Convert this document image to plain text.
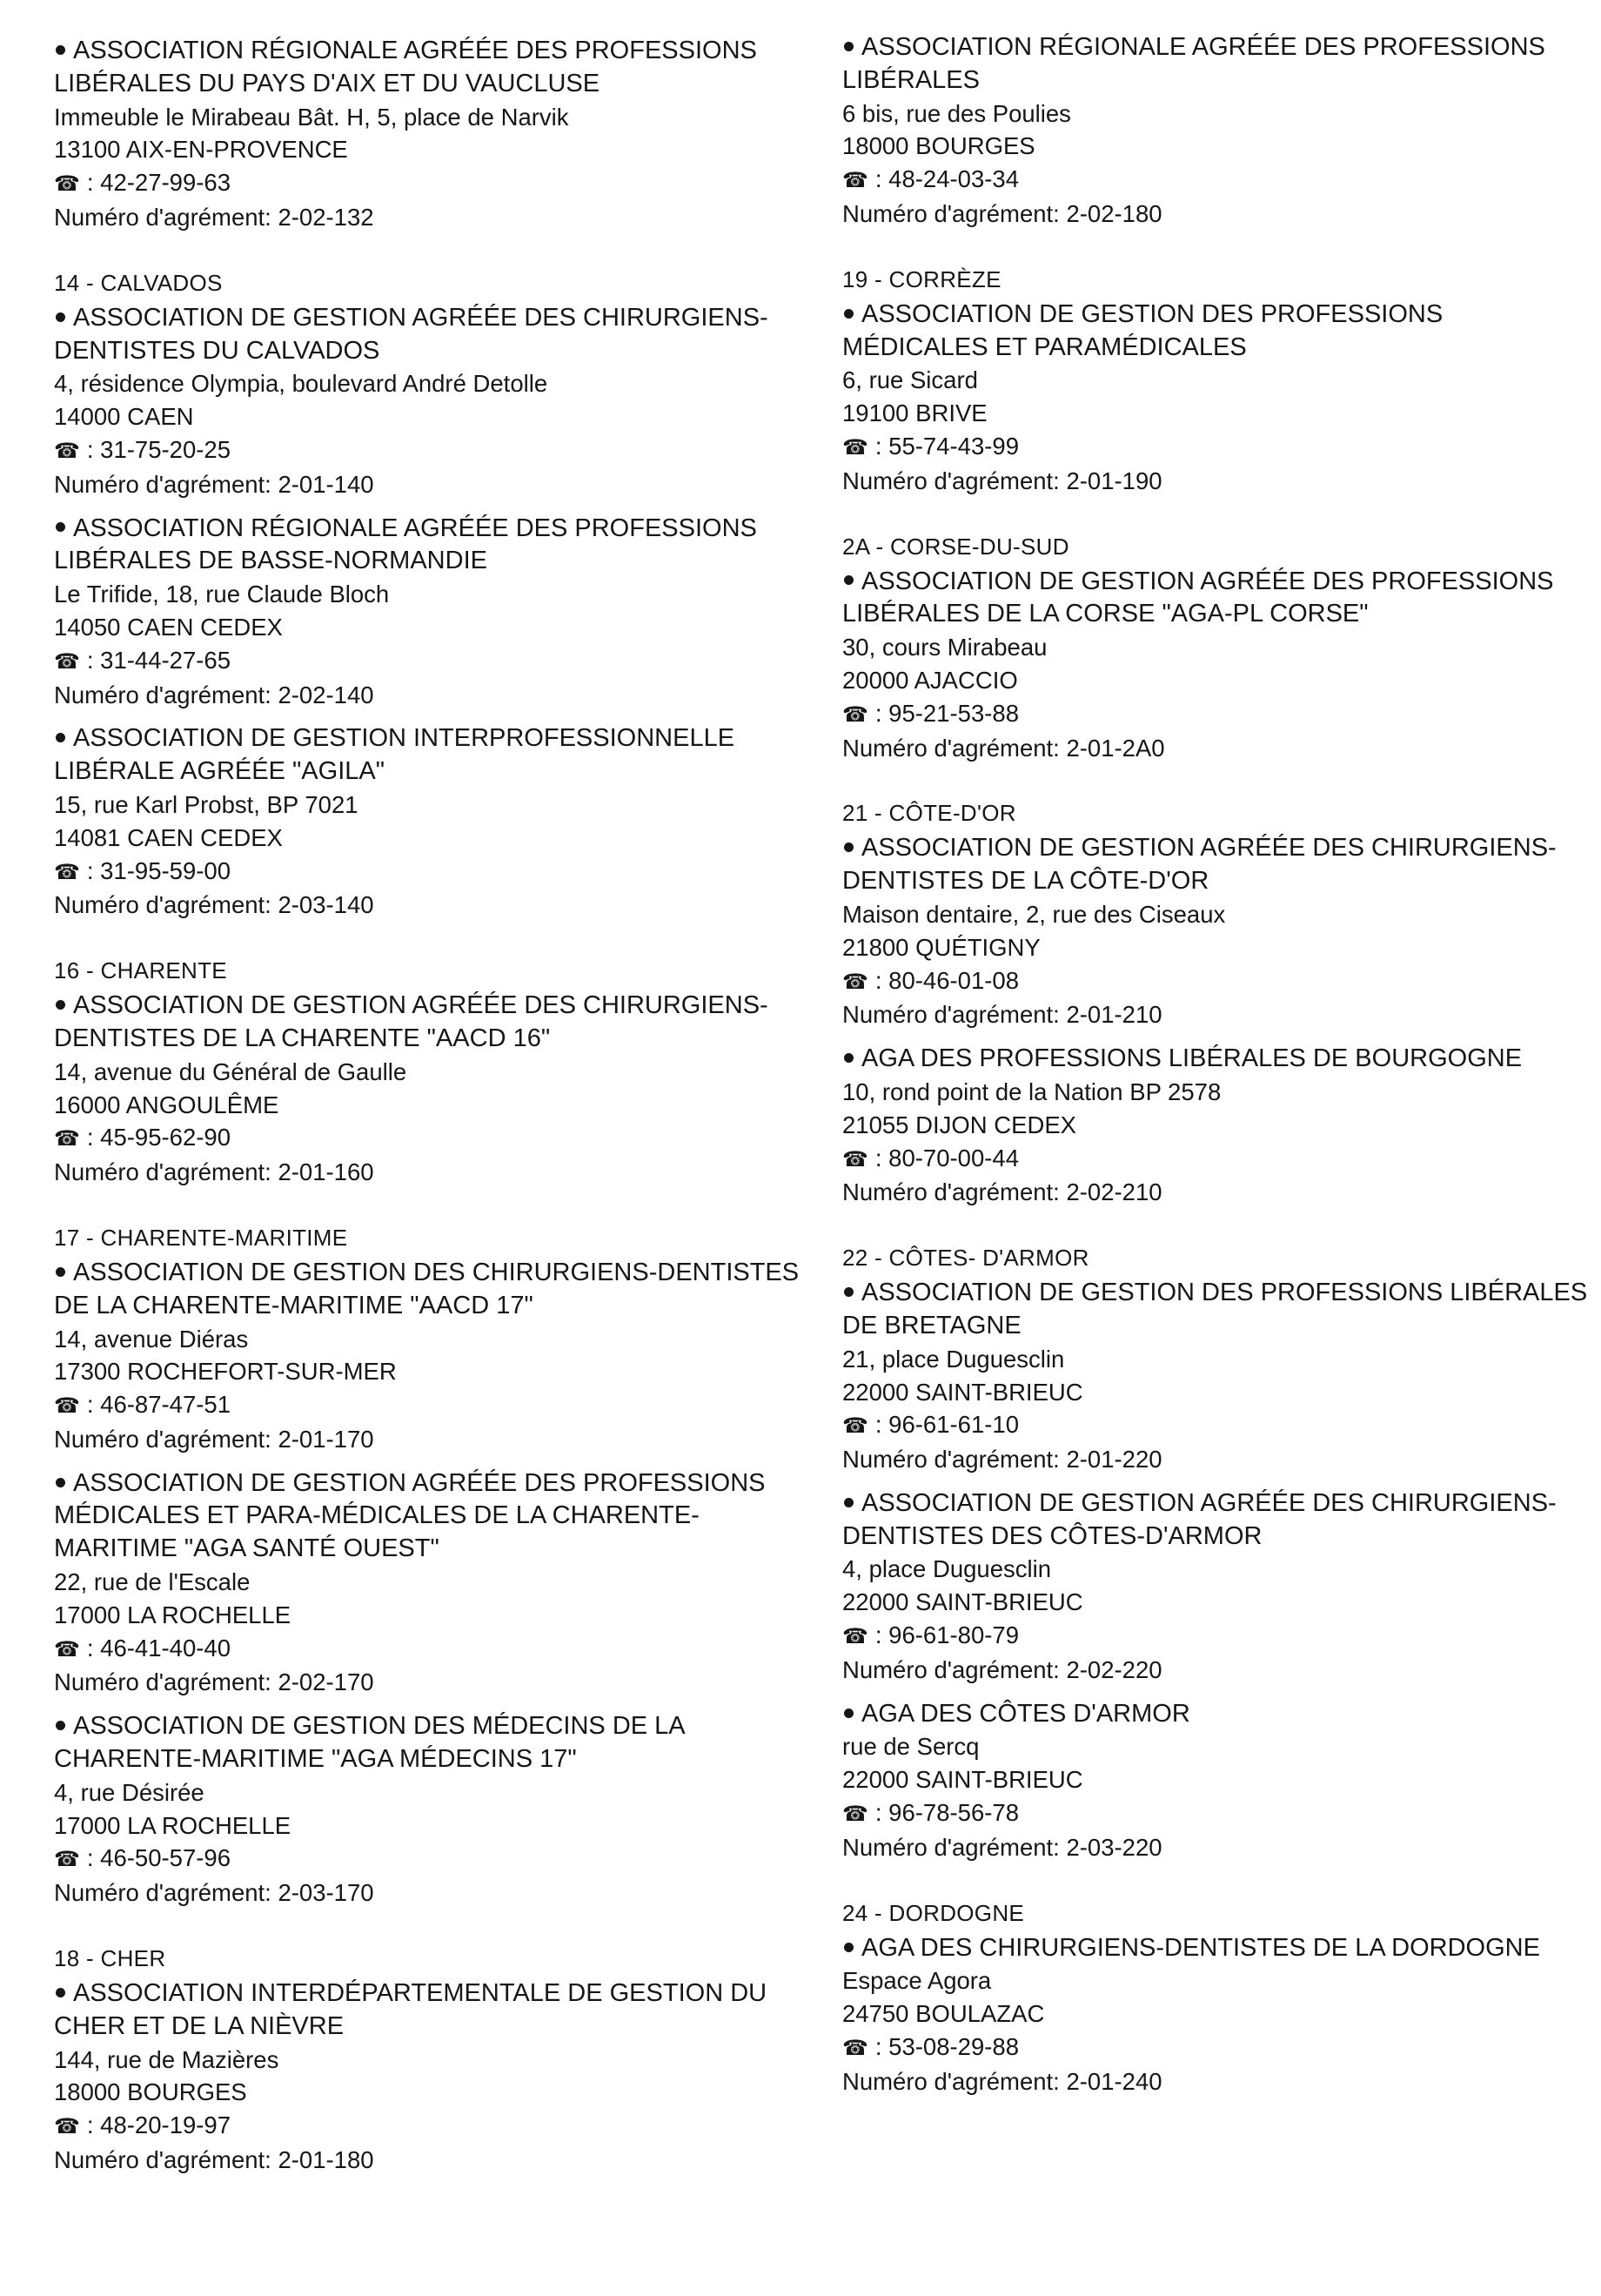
ASSOCIATION RÉGIONALE AGRÉÉE DES PROFESSIONS LIBÉRALES DU PAYS D'AIX ET DU VAUCLUSE
Immeuble le Mirabeau Bât. H, 5, place de Narvik
13100 AIX-EN-PROVENCE
☎ : 42-27-99-63
Numéro d'agrément: 2-02-132
14 - CALVADOS
ASSOCIATION DE GESTION AGRÉÉE DES CHIRURGIENS-DENTISTES DU CALVADOS
4, résidence Olympia, boulevard André Detolle
14000 CAEN
☎ : 31-75-20-25
Numéro d'agrément: 2-01-140
ASSOCIATION RÉGIONALE AGRÉÉE DES PROFESSIONS LIBÉRALES DE BASSE-NORMANDIE
Le Trifide, 18, rue Claude Bloch
14050 CAEN CEDEX
☎ : 31-44-27-65
Numéro d'agrément: 2-02-140
ASSOCIATION DE GESTION INTERPROFESSIONNELLE LIBÉRALE AGRÉÉE "AGILA"
15, rue Karl Probst, BP 7021
14081 CAEN CEDEX
☎ : 31-95-59-00
Numéro d'agrément: 2-03-140
16 - CHARENTE
ASSOCIATION DE GESTION AGRÉÉE DES CHIRURGIENS-DENTISTES DE LA CHARENTE "AACD 16"
14, avenue du Général de Gaulle
16000 ANGOULÊME
☎ : 45-95-62-90
Numéro d'agrément: 2-01-160
17 - CHARENTE-MARITIME
ASSOCIATION DE GESTION DES CHIRURGIENS-DENTISTES DE LA CHARENTE-MARITIME "AACD 17"
14, avenue Diéras
17300 ROCHEFORT-SUR-MER
☎ : 46-87-47-51
Numéro d'agrément: 2-01-170
ASSOCIATION DE GESTION AGRÉÉE DES PROFESSIONS MÉDICALES ET PARA-MÉDICALES DE LA CHARENTE-MARITIME "AGA SANTÉ OUEST"
22, rue de l'Escale
17000 LA ROCHELLE
☎ : 46-41-40-40
Numéro d'agrément: 2-02-170
ASSOCIATION DE GESTION DES MÉDECINS DE LA CHARENTE-MARITIME "AGA MÉDECINS 17"
4, rue Désirée
17000 LA ROCHELLE
☎ : 46-50-57-96
Numéro d'agrément: 2-03-170
18 - CHER
ASSOCIATION INTERDÉPARTEMENTALE DE GESTION DU CHER ET DE LA NIÈVRE
144, rue de Mazières
18000 BOURGES
☎ : 48-20-19-97
Numéro d'agrément: 2-01-180
ASSOCIATION RÉGIONALE AGRÉÉE DES PROFESSIONS LIBÉRALES
6 bis, rue des Poulies
18000 BOURGES
☎ : 48-24-03-34
Numéro d'agrément: 2-02-180
19 - CORRÈZE
ASSOCIATION DE GESTION DES PROFESSIONS MÉDICALES ET PARAMÉDICALES
6, rue Sicard
19100 BRIVE
☎ : 55-74-43-99
Numéro d'agrément: 2-01-190
2A - CORSE-DU-SUD
ASSOCIATION DE GESTION AGRÉÉE DES PROFESSIONS LIBÉRALES DE LA CORSE "AGA-PL CORSE"
30, cours Mirabeau
20000 AJACCIO
☎ : 95-21-53-88
Numéro d'agrément: 2-01-2A0
21 - CÔTE-D'OR
ASSOCIATION DE GESTION AGRÉÉE DES CHIRURGIENS-DENTISTES DE LA CÔTE-D'OR
Maison dentaire, 2, rue des Ciseaux
21800 QUÉTIGNY
☎ : 80-46-01-08
Numéro d'agrément: 2-01-210
AGA DES PROFESSIONS LIBÉRALES DE BOURGOGNE
10, rond point de la Nation BP 2578
21055 DIJON CEDEX
☎ : 80-70-00-44
Numéro d'agrément: 2-02-210
22 - CÔTES- D'ARMOR
ASSOCIATION DE GESTION DES PROFESSIONS LIBÉRALES DE BRETAGNE
21, place Duguesclin
22000 SAINT-BRIEUC
☎ : 96-61-61-10
Numéro d'agrément: 2-01-220
ASSOCIATION DE GESTION AGRÉÉE DES CHIRURGIENS-DENTISTES DES CÔTES-D'ARMOR
4, place Duguesclin
22000 SAINT-BRIEUC
☎ : 96-61-80-79
Numéro d'agrément: 2-02-220
AGA DES CÔTES D'ARMOR
rue de Sercq
22000 SAINT-BRIEUC
☎ : 96-78-56-78
Numéro d'agrément: 2-03-220
24 - DORDOGNE
AGA DES CHIRURGIENS-DENTISTES DE LA DORDOGNE
Espace Agora
24750 BOULAZAC
☎ : 53-08-29-88
Numéro d'agrément: 2-01-240
